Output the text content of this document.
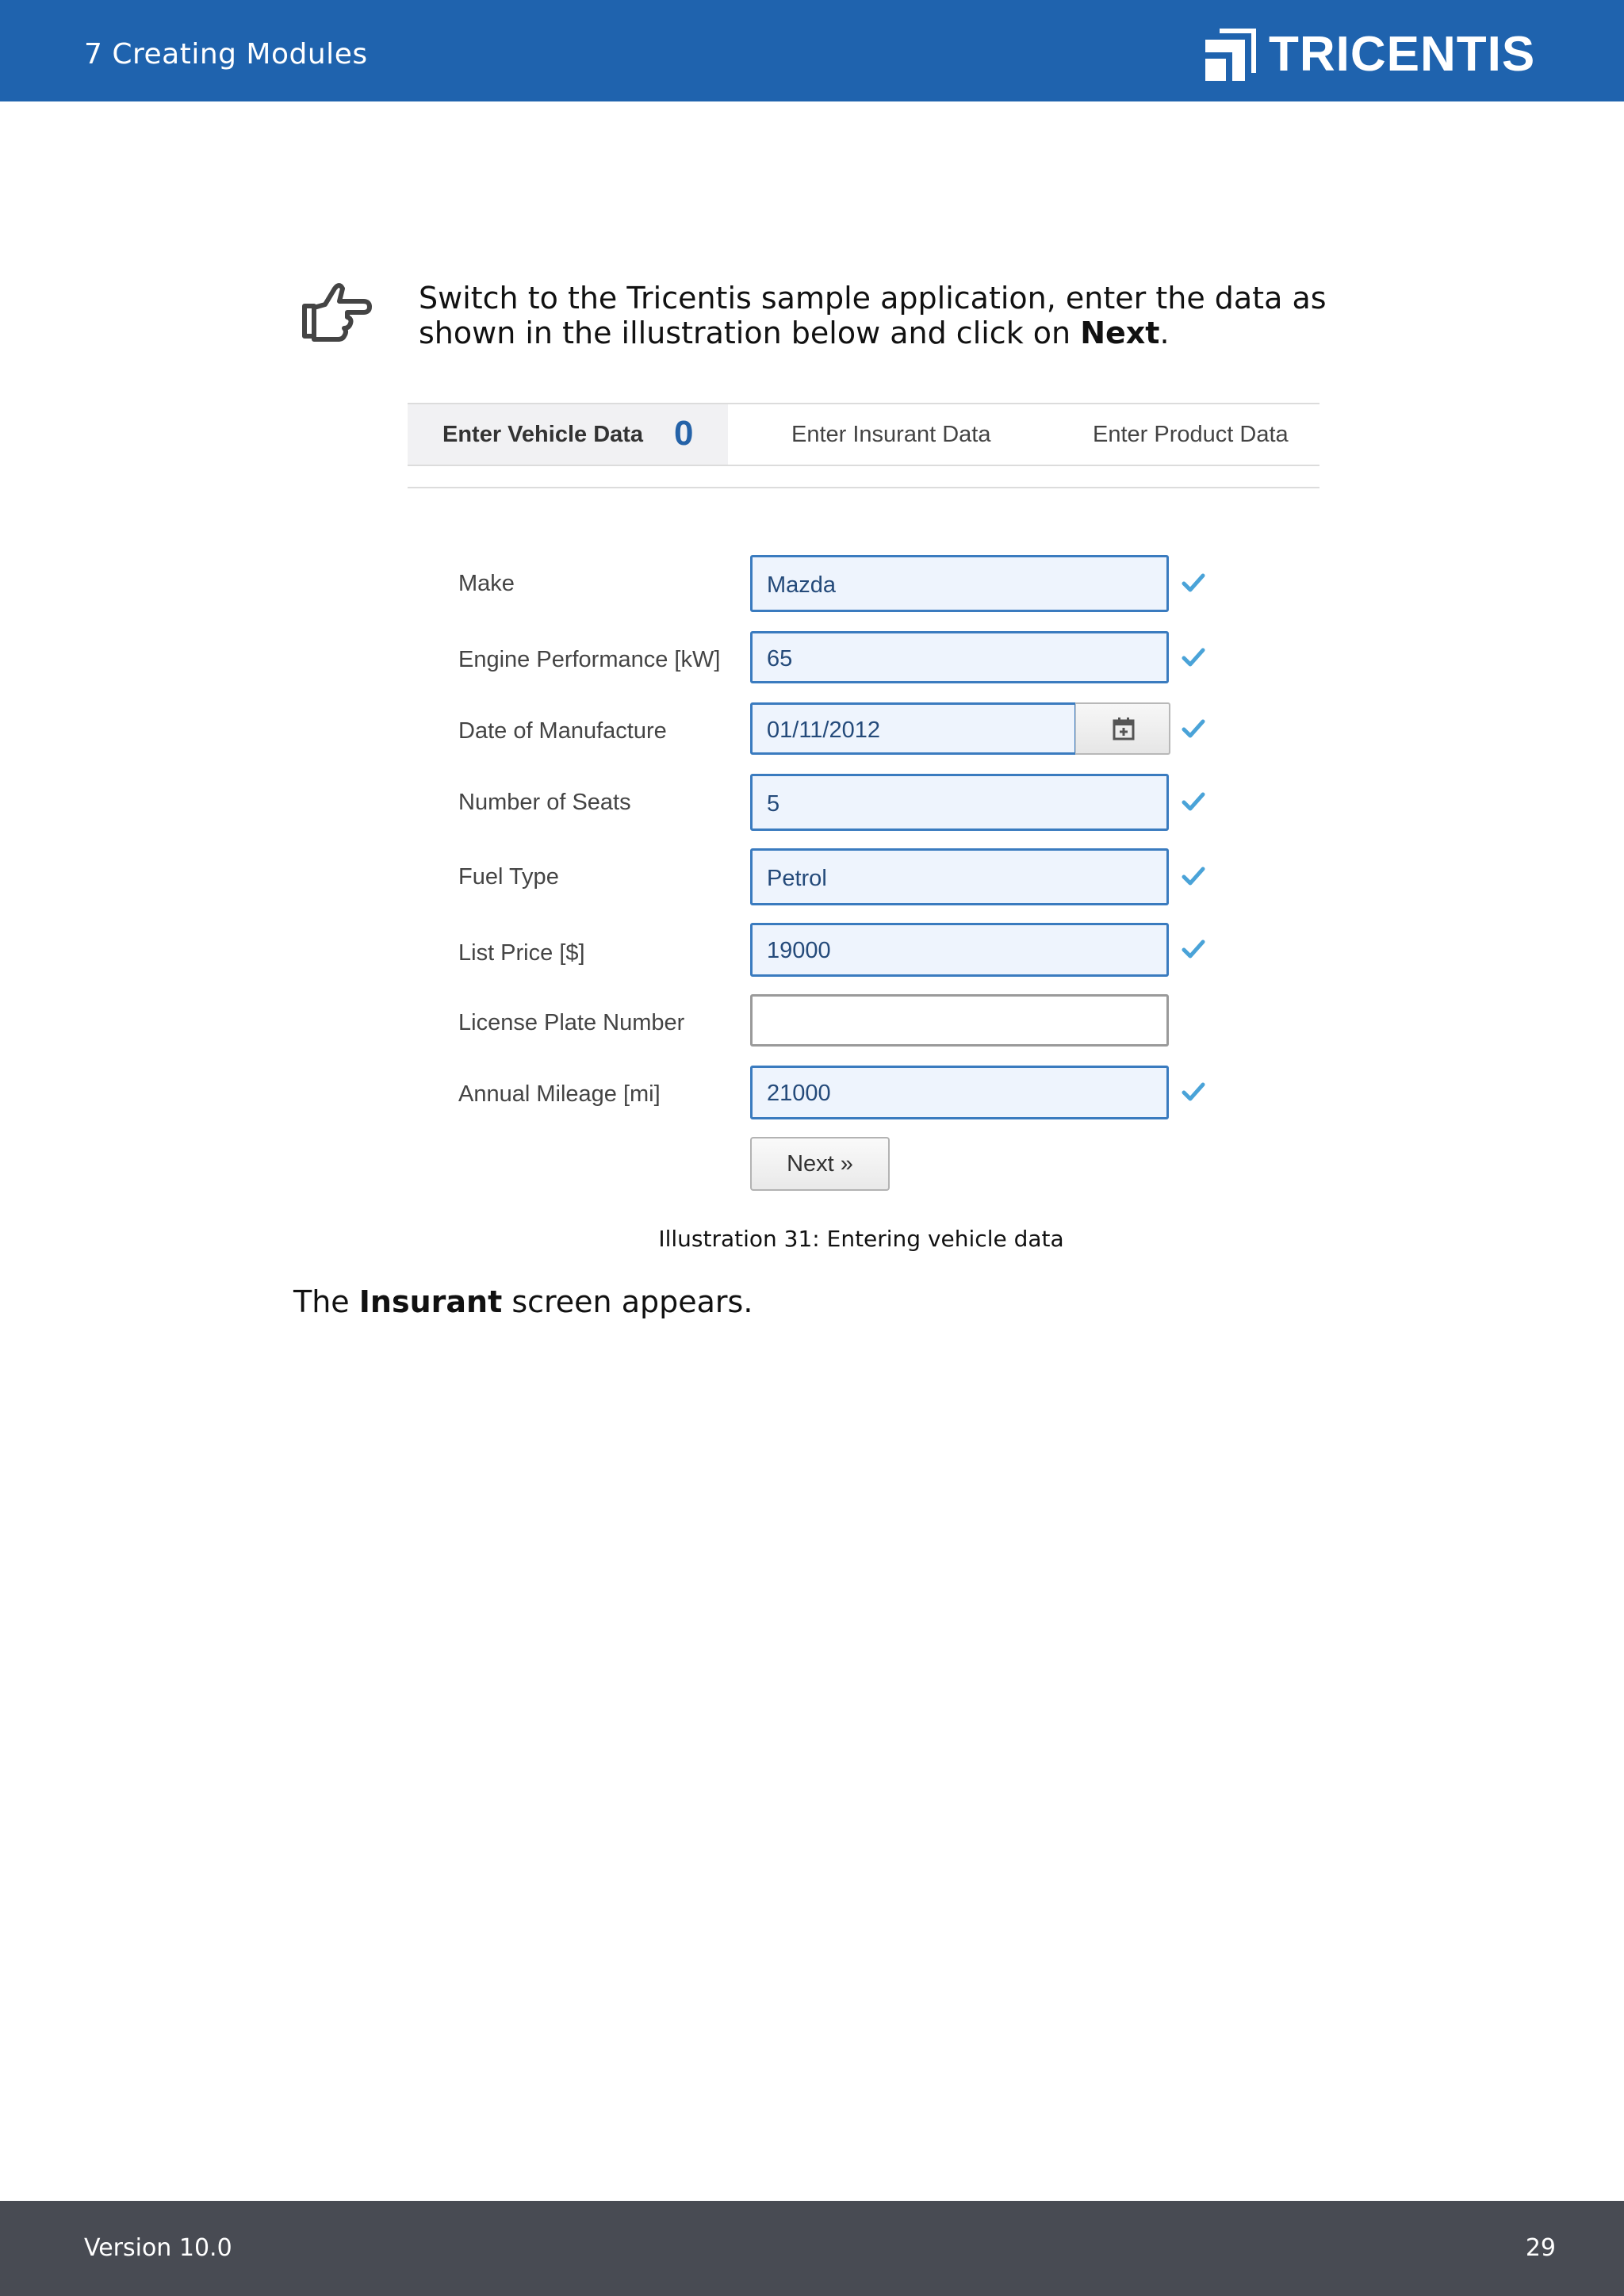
7 Creating Modules	TRICENTIS
Switch to the Tricentis sample application, enter the data as shown in the illustration below and click on Next.
Enter Vehicle Data 0	Enter Insurant Data	Enter Product Data
Make	Mazda
Engine Performance [kW] 65
Date of Manufacture	01/11/2012
Number of Seats	5
Fuel Type	Petrol
List Price [$]	19000
License Plate Number
Annual Mileage [mi]	21000
Next »
Illustration 31: Entering vehicle data
The Insurant screen appears.
Version 10.0	29
